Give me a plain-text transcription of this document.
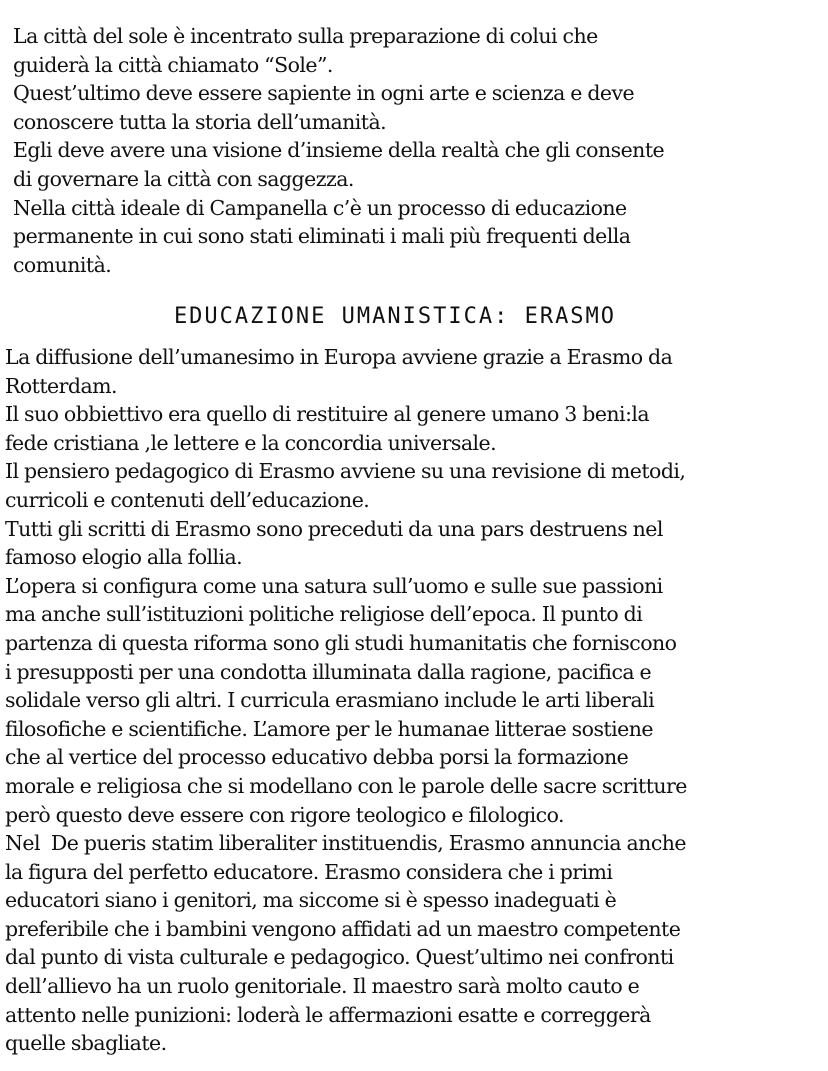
La città del sole è incentrato sulla preparazione di colui che
guiderà la città chiamato “Sole”.
Quest’ultimo deve essere sapiente in ogni arte e scienza e deve
conoscere tutta la storia dell’umanità.
Egli deve avere una visione d’insieme della realtà che gli consente
di governare la città con saggezza.
Nella città ideale di Campanella c’è un processo di educazione
permanente in cui sono stati eliminati i mali più frequenti della
comunità.

EDUCAZIONE UMANISTICA: ERASMO

La diffusione dell’umanesimo in Europa avviene grazie a Erasmo da
Rotterdam.
Il suo obbiettivo era quello di restituire al genere umano 3 beni:la
fede cristiana ,le lettere e la concordia universale.
Il pensiero pedagogico di Erasmo avviene su una revisione di metodi,
curricoli e contenuti dell’educazione.
Tutti gli scritti di Erasmo sono preceduti da una pars destruens nel
famoso elogio alla follia.
L’opera si configura come una satura sull’uomo e sulle sue passioni
ma anche sull’istituzioni politiche religiose dell’epoca. Il punto di
partenza di questa riforma sono gli studi humanitatis che forniscono
i presupposti per una condotta illuminata dalla ragione, pacifica e
solidale verso gli altri. I curricula erasmiano include le arti liberali
filosofiche e scientifiche. L’amore per le humanae litterae sostiene
che al vertice del processo educativo debba porsi la formazione
morale e religiosa che si modellano con le parole delle sacre scritture
però questo deve essere con rigore teologico e filologico.
Nel  De pueris statim liberaliter instituendis, Erasmo annuncia anche
la figura del perfetto educatore. Erasmo considera che i primi
educatori siano i genitori, ma siccome si è spesso inadeguati è
preferibile che i bambini vengono affidati ad un maestro competente
dal punto di vista culturale e pedagogico. Quest’ultimo nei confronti
dell’allievo ha un ruolo genitoriale. Il maestro sarà molto cauto e
attento nelle punizioni: loderà le affermazioni esatte e correggerà
quelle sbagliate.
